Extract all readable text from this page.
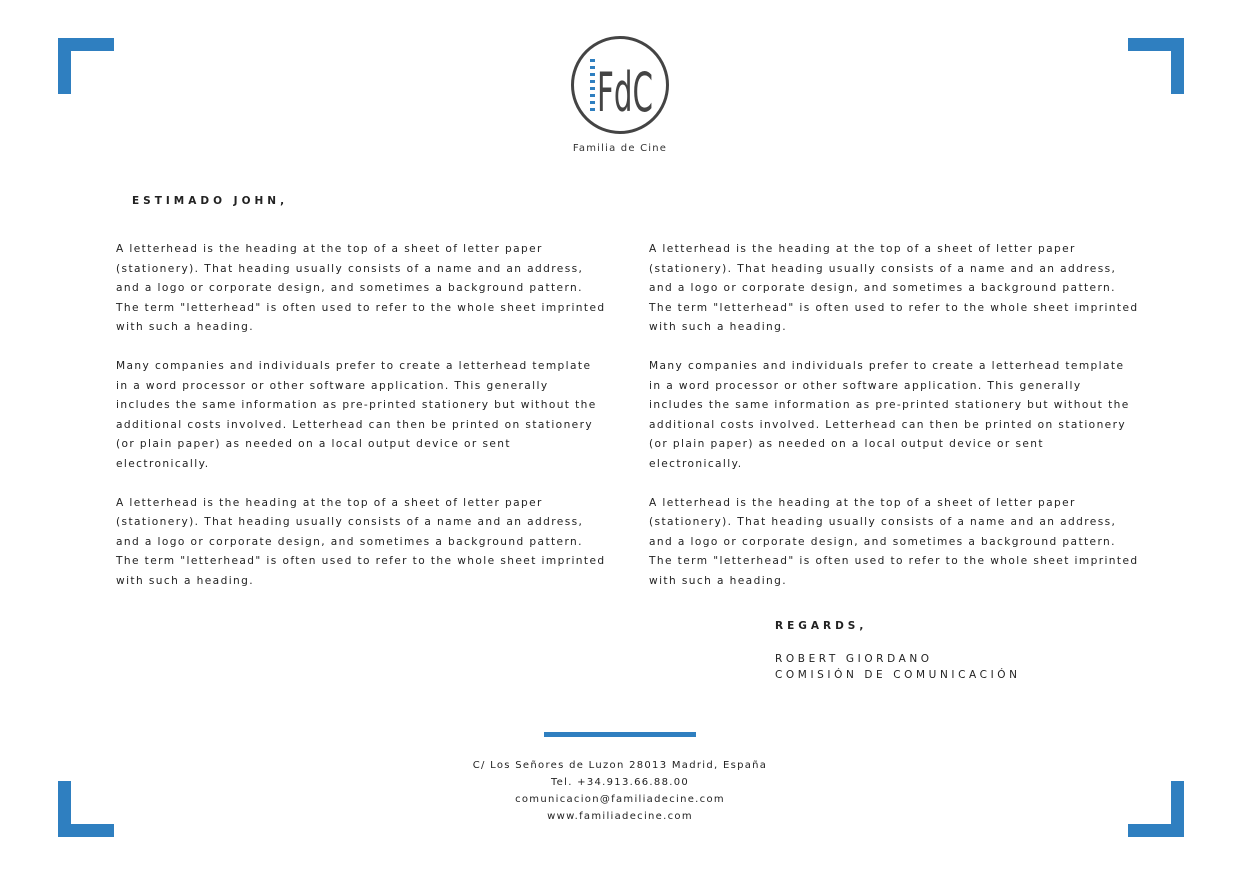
FdC
Familia de Cine
ESTIMADO JOHN,

A letterhead is the heading at the top of a sheet of letter paper (stationery). That heading usually consists of a name and an address, and a logo or corporate design, and sometimes a background pattern. The term "letterhead" is often used to refer to the whole sheet imprinted with such a heading.

Many companies and individuals prefer to create a letterhead template in a word processor or other software application. This generally includes the same information as pre-printed stationery but without the additional costs involved. Letterhead can then be printed on stationery (or plain paper) as needed on a local output device or sent electronically.

A letterhead is the heading at the top of a sheet of letter paper (stationery). That heading usually consists of a name and an address, and a logo or corporate design, and sometimes a background pattern. The term "letterhead" is often used to refer to the whole sheet imprinted with such a heading.

A letterhead is the heading at the top of a sheet of letter paper (stationery). That heading usually consists of a name and an address, and a logo or corporate design, and sometimes a background pattern. The term "letterhead" is often used to refer to the whole sheet imprinted with such a heading.

Many companies and individuals prefer to create a letterhead template in a word processor or other software application. This generally includes the same information as pre-printed stationery but without the additional costs involved. Letterhead can then be printed on stationery (or plain paper) as needed on a local output device or sent electronically.

A letterhead is the heading at the top of a sheet of letter paper (stationery). That heading usually consists of a name and an address, and a logo or corporate design, and sometimes a background pattern. The term "letterhead" is often used to refer to the whole sheet imprinted with such a heading.

REGARDS,
ROBERT GIORDANO
COMISIÓN DE COMUNICACIÓN
C/ Los Señores de Luzon 28013 Madrid, España
Tel. +34.913.66.88.00
comunicacion@familiadecine.com
www.familiadecine.com
